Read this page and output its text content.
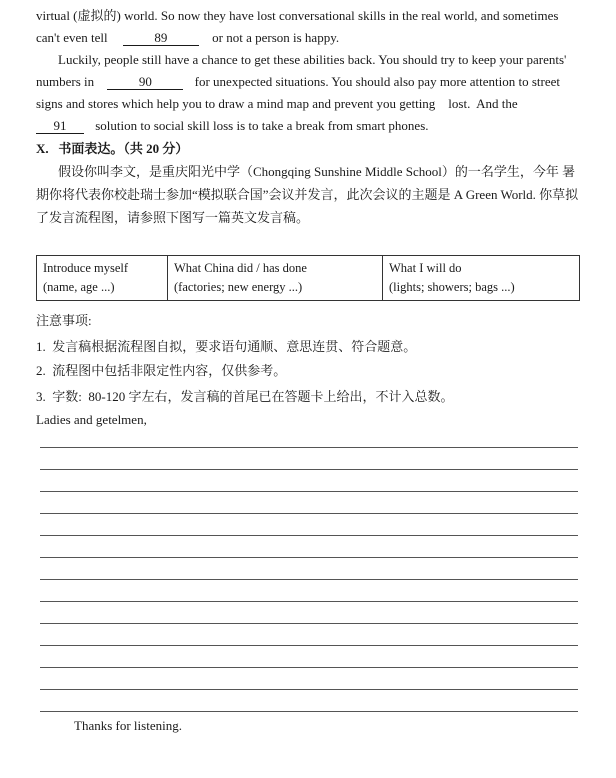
virtual (虚拟的) world. So now they have lost conversational skills in the real world, and sometimes
can't even tell	89	or not a person is happy.
Luckily, people still have a chance to get these abilities back. You should try to keep your parents'
numbers in	90	for unexpected situations. You should also pay more attention to street
signs and stores which help you to draw a mind map and prevent you getting    lost.  And the
91 solution to social skill loss is to take a break from smart phones.
X.   书面表达。（共 20 分）
假设你叫李文，是重庆阳光中学（Chongqing Sunshine Middle School）的一名学生，今年 暑
期你将代表你校赴瑞士参加“模拟联合国”会议并发言，此次会议的主题是 A Green World. 你草拟
了发言流程图，请参照下图写一篇英文发言稿。
Introduce myself
(name, age ...)

What China did / has done
(factories; new energy ...)

What I will do
(lights; showers; bags ...)
注意事项:
1.  发言稿根据流程图自拟，要求语句通顺、意思连贯、符合题意。
2.  流程图中包括非限定性内容，仅供参考。
3.  字数:  80-120 字左右，发言稿的首尾已在答题卡上给出，不计入总数。
Ladies and getelmen,
Thanks for listening.
